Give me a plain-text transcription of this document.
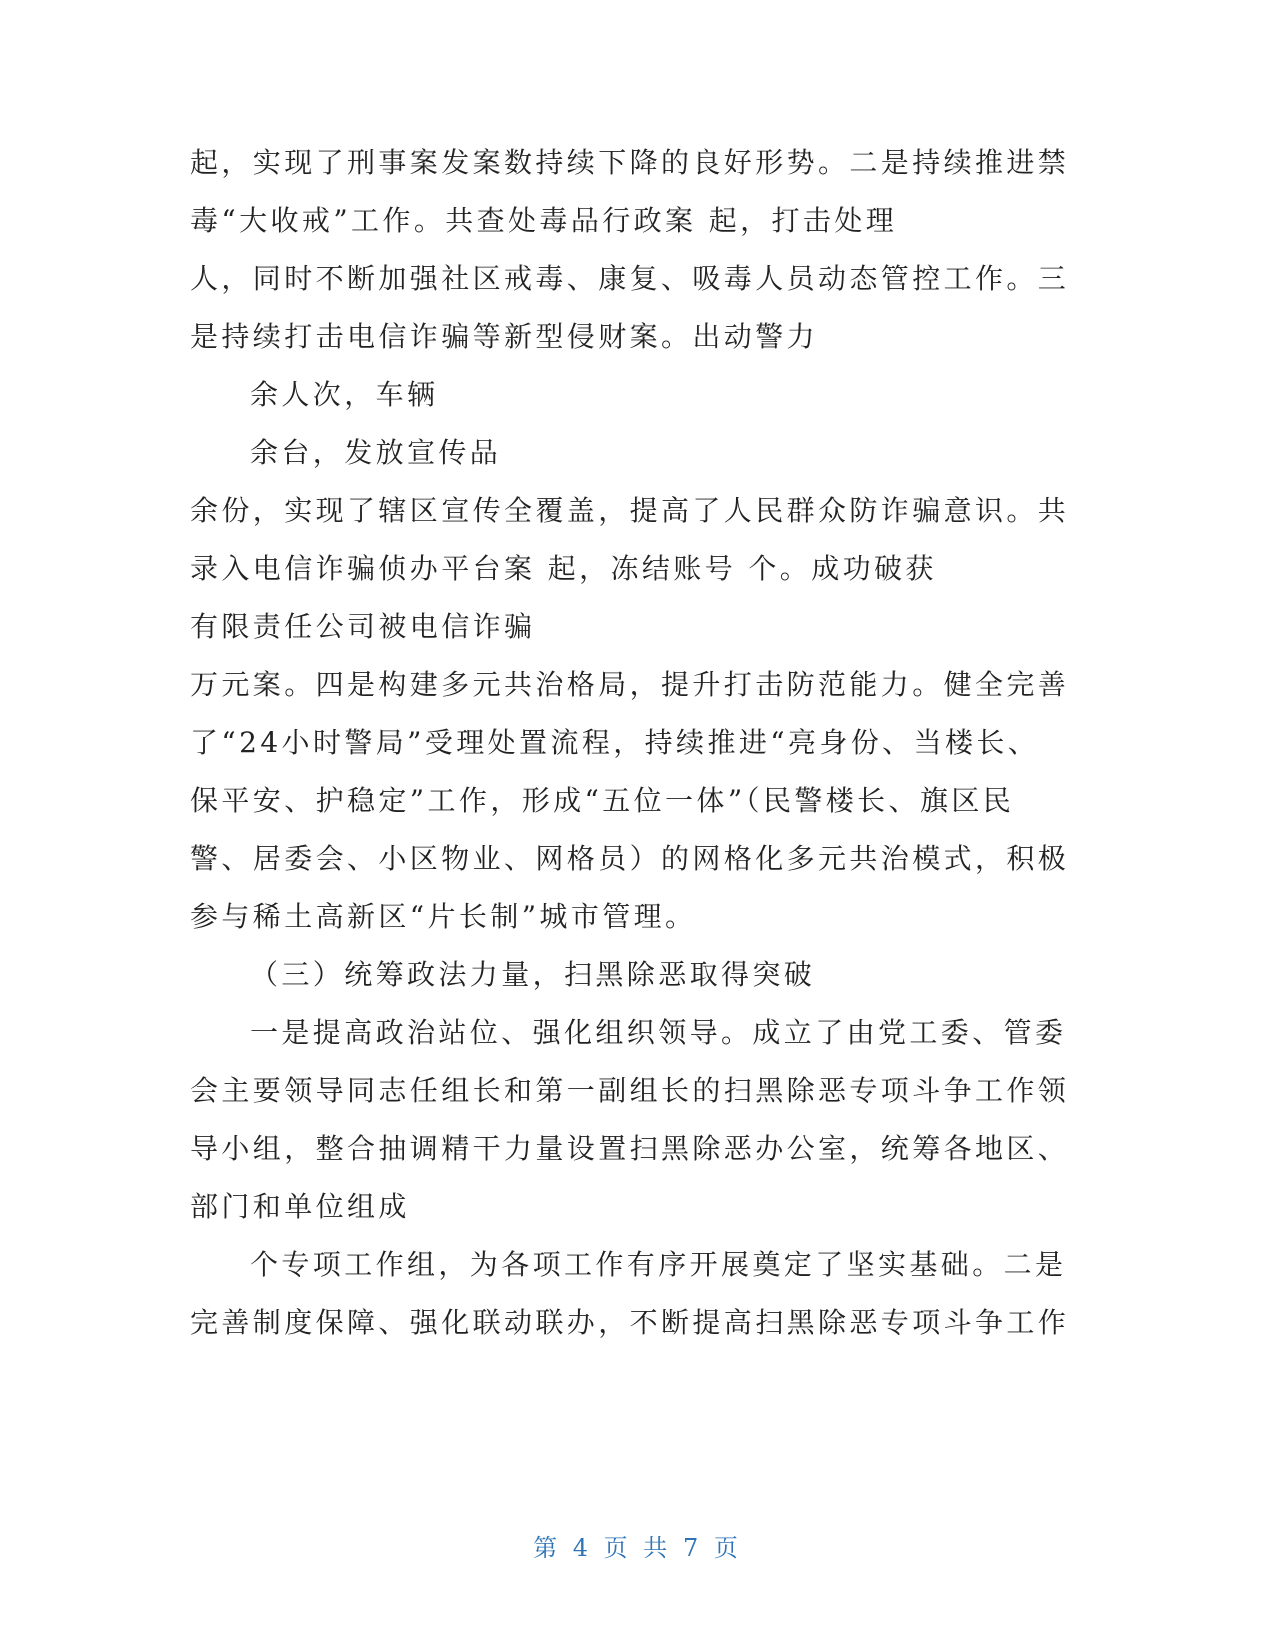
起，实现了刑事案发案数持续下降的良好形势。二是持续推进禁
毒“大收戒”工作。共查处毒品行政案 起，打击处理
人，同时不断加强社区戒毒、康复、吸毒人员动态管控工作。三
是持续打击电信诈骗等新型侵财案。出动警力
余人次，车辆
余台，发放宣传品
余份，实现了辖区宣传全覆盖，提高了人民群众防诈骗意识。共
录入电信诈骗侦办平台案 起，冻结账号 个。成功破获
有限责任公司被电信诈骗
万元案。四是构建多元共治格局，提升打击防范能力。健全完善
了“24小时警局”受理处置流程，持续推进“亮身份、当楼长、
保平安、护稳定”工作，形成“五位一体”（民警楼长、旗区民
警、居委会、小区物业、网格员）的网格化多元共治模式，积极
参与稀土高新区“片长制”城市管理。
（三）统筹政法力量，扫黑除恶取得突破
一是提高政治站位、强化组织领导。成立了由党工委、管委
会主要领导同志任组长和第一副组长的扫黑除恶专项斗争工作领
导小组，整合抽调精干力量设置扫黑除恶办公室，统筹各地区、
部门和单位组成
个专项工作组，为各项工作有序开展奠定了坚实基础。二是
完善制度保障、强化联动联办，不断提高扫黑除恶专项斗争工作
第 4 页 共 7 页
